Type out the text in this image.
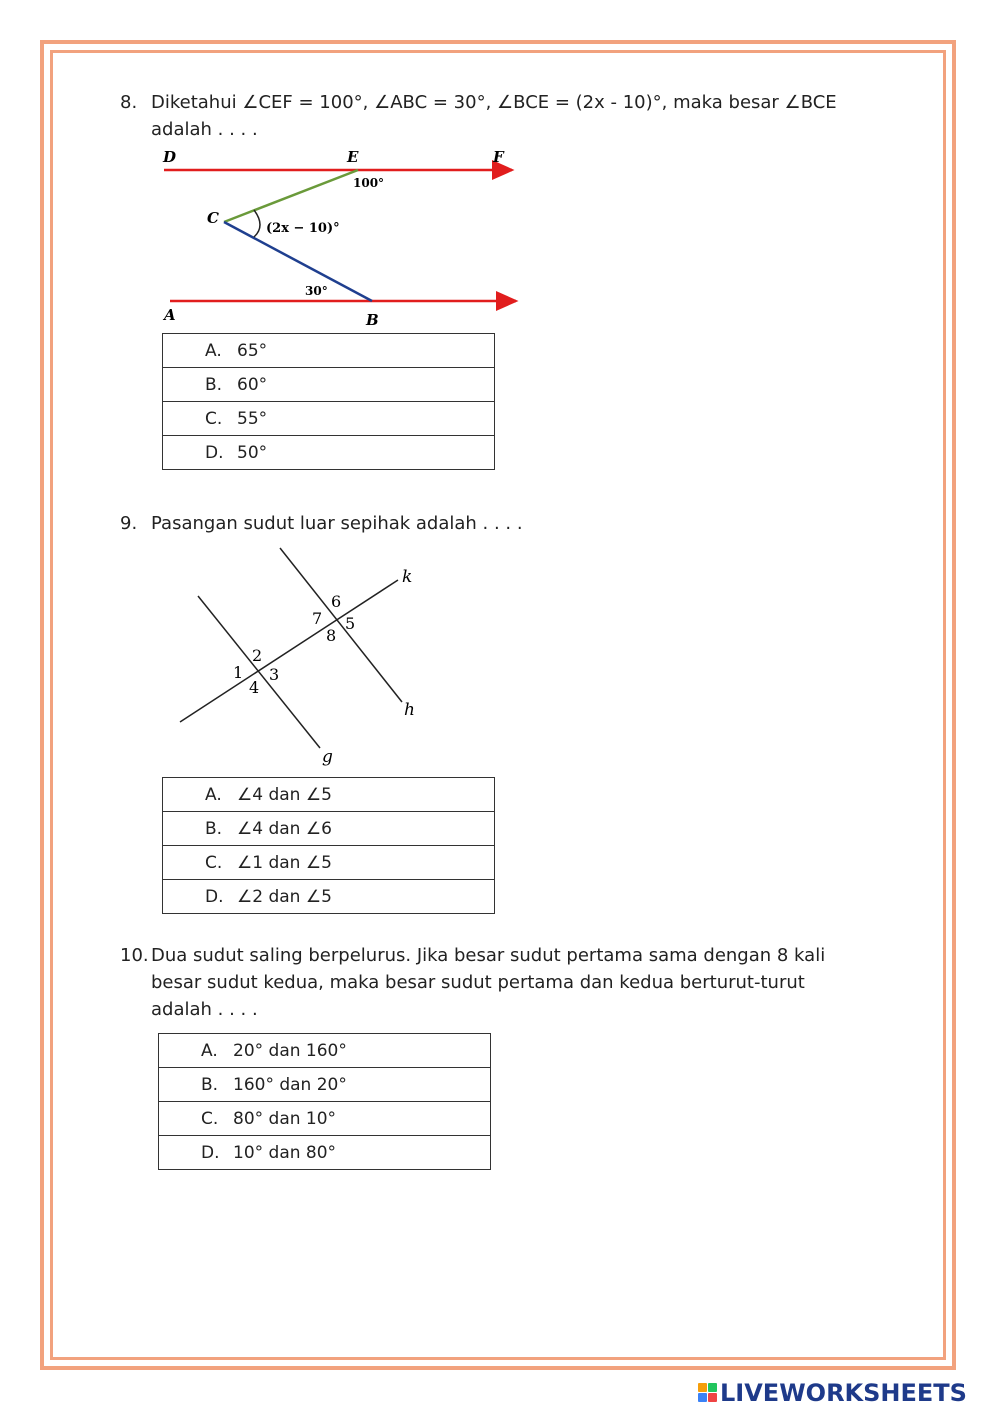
8. Diketahui ∠CEF = 100°, ∠ABC = 30°, ∠BCE = (2x - 10)°, maka besar ∠BCE
adalah . . . .
D	E	F
C
A	B
100°
(2x − 10)°
30°
A. 65°
B. 60°
C. 55°
D. 50°
9. Pasangan sudut luar sepihak adalah . . . .
k
h
g
1
2
3
4
5
6
7
8
A. ∠4 dan ∠5
B. ∠4 dan ∠6
C. ∠1 dan ∠5
D. ∠2 dan ∠5
10. Dua sudut saling berpelurus. Jika besar sudut pertama sama dengan 8 kali
besar sudut kedua, maka besar sudut pertama dan kedua berturut-turut
adalah . . . .
A. 20° dan 160°
B. 160° dan 20°
C. 80° dan 10°
D. 10° dan 80°
LIVEWORKSHEETS
